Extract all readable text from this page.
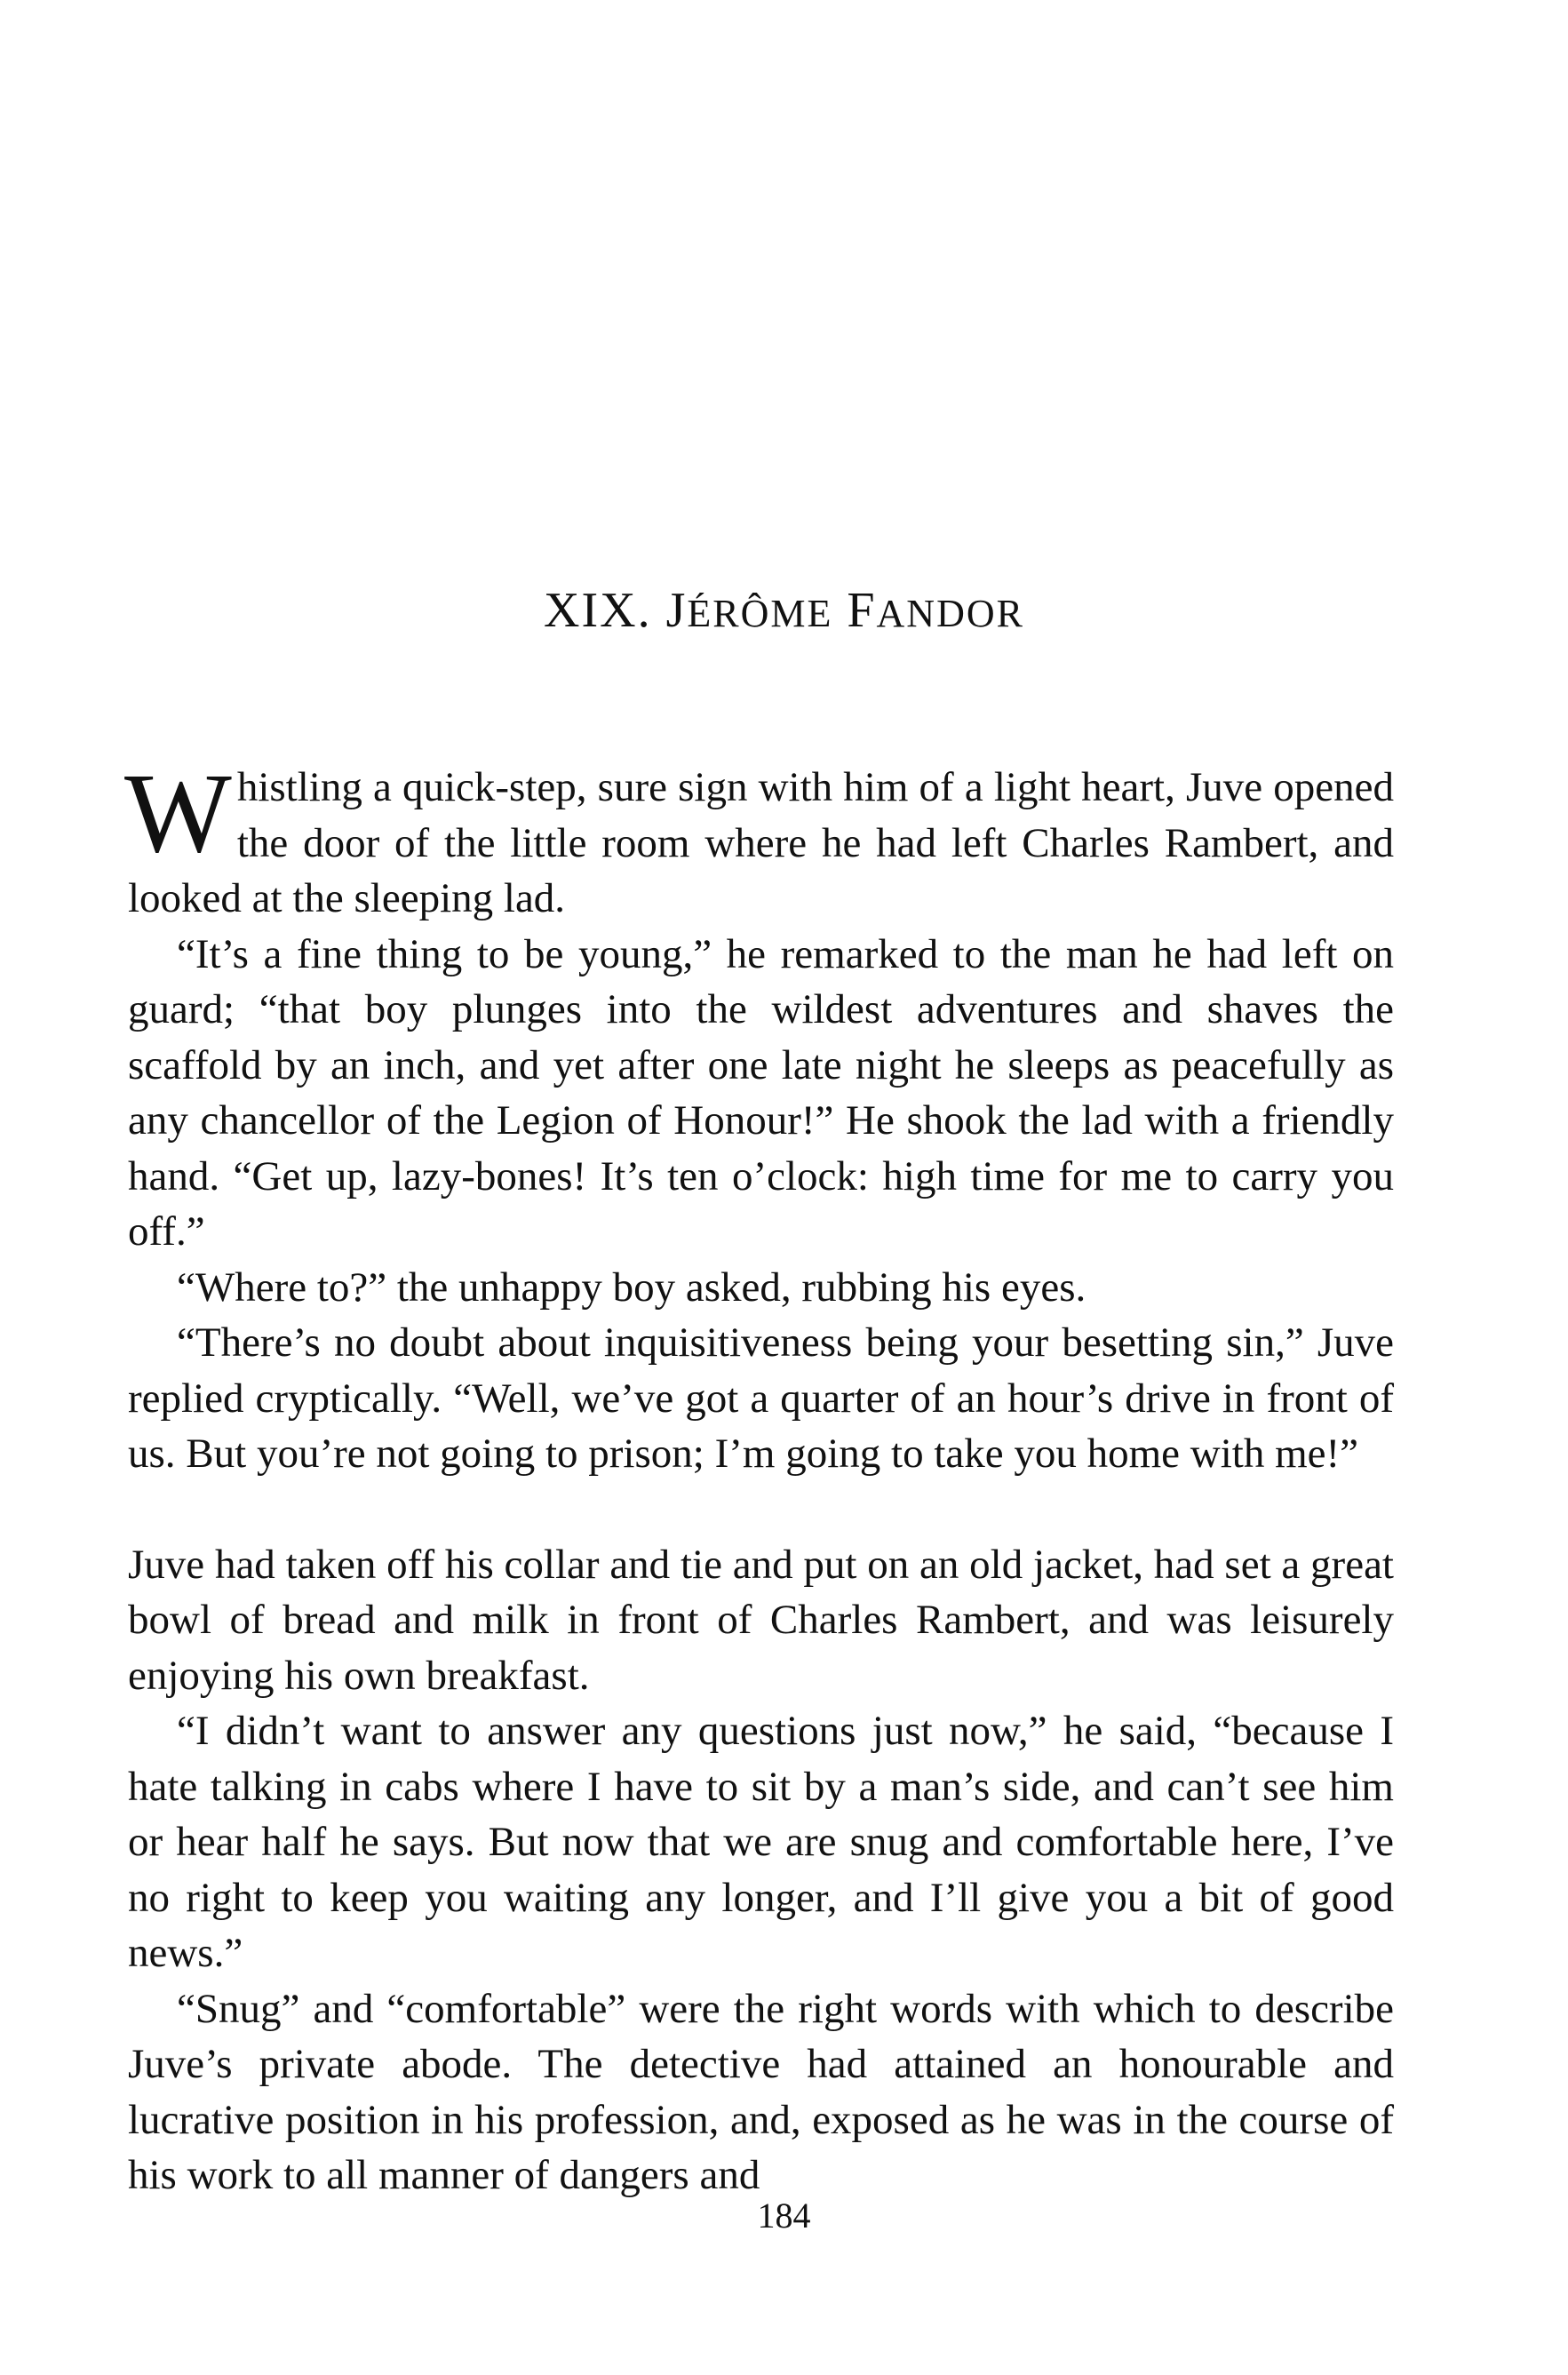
XIX. JÉRÔME FANDOR

Whistling a quick-step, sure sign with him of a light heart, Juve opened the door of the little room where he had left Charles Rambert, and looked at the sleeping lad.

“It’s a fine thing to be young,” he remarked to the man he had left on guard; “that boy plunges into the wildest adventures and shaves the scaffold by an inch, and yet after one late night he sleeps as peacefully as any chancellor of the Legion of Honour!” He shook the lad with a friendly hand. “Get up, lazy-bones! It’s ten o’clock: high time for me to carry you off.”

“Where to?” the unhappy boy asked, rubbing his eyes.

“There’s no doubt about inquisitiveness being your besetting sin,” Juve replied cryptically. “Well, we’ve got a quarter of an hour’s drive in front of us. But you’re not going to prison; I’m going to take you home with me!”

Juve had taken off his collar and tie and put on an old jacket, had set a great bowl of bread and milk in front of Charles Rambert, and was leisurely enjoying his own breakfast.

“I didn’t want to answer any questions just now,” he said, “because I hate talking in cabs where I have to sit by a man’s side, and can’t see him or hear half he says. But now that we are snug and comfortable here, I’ve no right to keep you waiting any longer, and I’ll give you a bit of good news.”

“Snug” and “comfortable” were the right words with which to describe Juve’s private abode. The detective had attained an honourable and lucrative position in his profession, and, exposed as he was in the course of his work to all manner of dangers and

184
